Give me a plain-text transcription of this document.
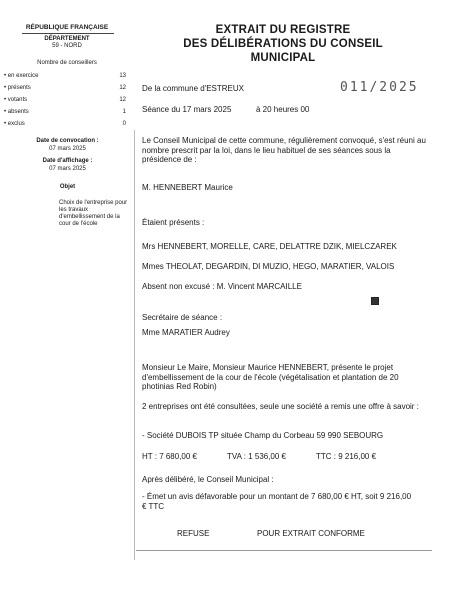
RÉPUBLIQUE FRANÇAISE
DÉPARTEMENT
59 - NORD
Nombre de conseillers
• en exercice	13
• présents	12
• votants	12
• absents	1
• exclus	0
Date de convocation :
07 mars 2025
Date d'affichage :
07 mars 2025
Objet
Choix de l'entreprise pour les travaux d'embellissement de la cour de l'école
EXTRAIT DU REGISTRE
DES DÉLIBÉRATIONS DU CONSEIL
MUNICIPAL
De la commune d'ESTREUX	011/2025
Séance du 17 mars 2025	à 20 heures 00
Le Conseil Municipal de cette commune, régulièrement convoqué, s'est réuni au nombre prescrit par la loi, dans le lieu habituel de ses séances sous la présidence de :
M. HENNEBERT Maurice
Étaient présents :
Mrs HENNEBERT, MORELLE, CARE, DELATTRE DZIK, MIELCZAREK
Mmes THEOLAT, DEGARDIN, DI MUZIO, HEGO, MARATIER, VALOIS
Absent non excusé : M. Vincent MARCAILLE
Secrétaire de séance :
Mme MARATIER Audrey
Monsieur Le Maire, Monsieur Maurice HENNEBERT, présente le projet d'embellissement de la cour de l'école (végétalisation et plantation de 20 photinias Red Robin)
2 entreprises ont été consultées, seule une société a remis une offre à savoir :
- Société DUBOIS TP située Champ du Corbeau 59 990 SEBOURG
HT : 7 680,00 €	TVA : 1 536,00 €	TTC : 9 216,00 €
Après délibéré, le Conseil Municipal :
- Émet un avis défavorable pour un montant de 7 680,00 € HT, soit 9 216,00 € TTC
REFUSE	POUR EXTRAIT CONFORME
